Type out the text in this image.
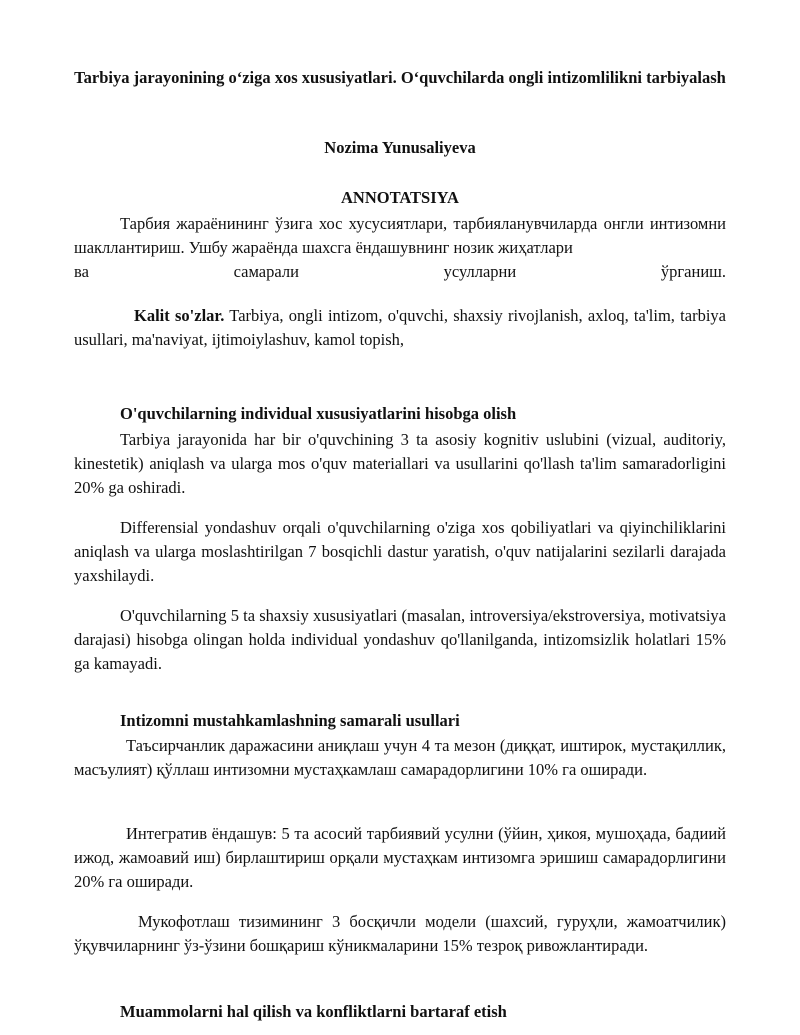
Tarbiya jarayonining o‘ziga xos xususiyatlari. O‘quvchilarda ongli intizomlilikni tarbiyalash
Nozima Yunusaliyeva
ANNOTATSIYA

Тарбия жараёнининг ўзига хос хусусиятлари, тарбияланувчиларда онгли интизомни шакллантириш. Ушбу жараёнда шахсга ёндашувнинг нозик жиҳатлари

ва самарали усулларни ўрганиш.

Kalit so'zlar. Tarbiya, ongli intizom, o'quvchi, shaxsiy rivojlanish, axloq, ta'lim, tarbiya usullari, ma'naviyat, ijtimoiylashuv, kamol topish,

O'quvchilarning individual xususiyatlarini hisobga olish

Tarbiya jarayonida har bir o'quvchining 3 ta asosiy kognitiv uslubini (vizual, auditoriy, kinestetik) aniqlash va ularga mos o'quv materiallari va usullarini qo'llash ta'lim samaradorligini 20% ga oshiradi.

Differensial yondashuv orqali o'quvchilarning o'ziga xos qobiliyatlari va qiyinchiliklarini aniqlash va ularga moslashtirilgan 7 bosqichli dastur yaratish, o'quv natijalarini sezilarli darajada yaxshilaydi.

O'quvchilarning 5 ta shaxsiy xususiyatlari (masalan, introversiya/ekstroversiya, motivatsiya darajasi) hisobga olingan holda individual yondashuv qo'llanilganda, intizomsizlik holatlari 15% ga kamayadi.

Intizomni mustahkamlashning samarali usullari

Таъсирчанлик даражасини аниқлаш учун 4 та мезон (диққат, иштирок, мустақиллик, масъулият) қўллаш интизомни мустаҳкамлаш самарадорлигини 10% га оширади.

Интегратив ёндашув: 5 та асосий тарбиявий усулни (ўйин, ҳикоя, мушоҳада, бадиий ижод, жамоавий иш) бирлаштириш орқали мустаҳкам интизомга эришиш самарадорлигини 20% га оширади.

Мукофотлаш тизимининг 3 босқичли модели (шахсий, гуруҳли, жамоатчилик) ўқувчиларнинг ўз-ўзини бошқариш кўникмаларини 15% тезроқ ривожлантиради.

Muammolarni hal qilish va konfliktlarni bartaraf etish
